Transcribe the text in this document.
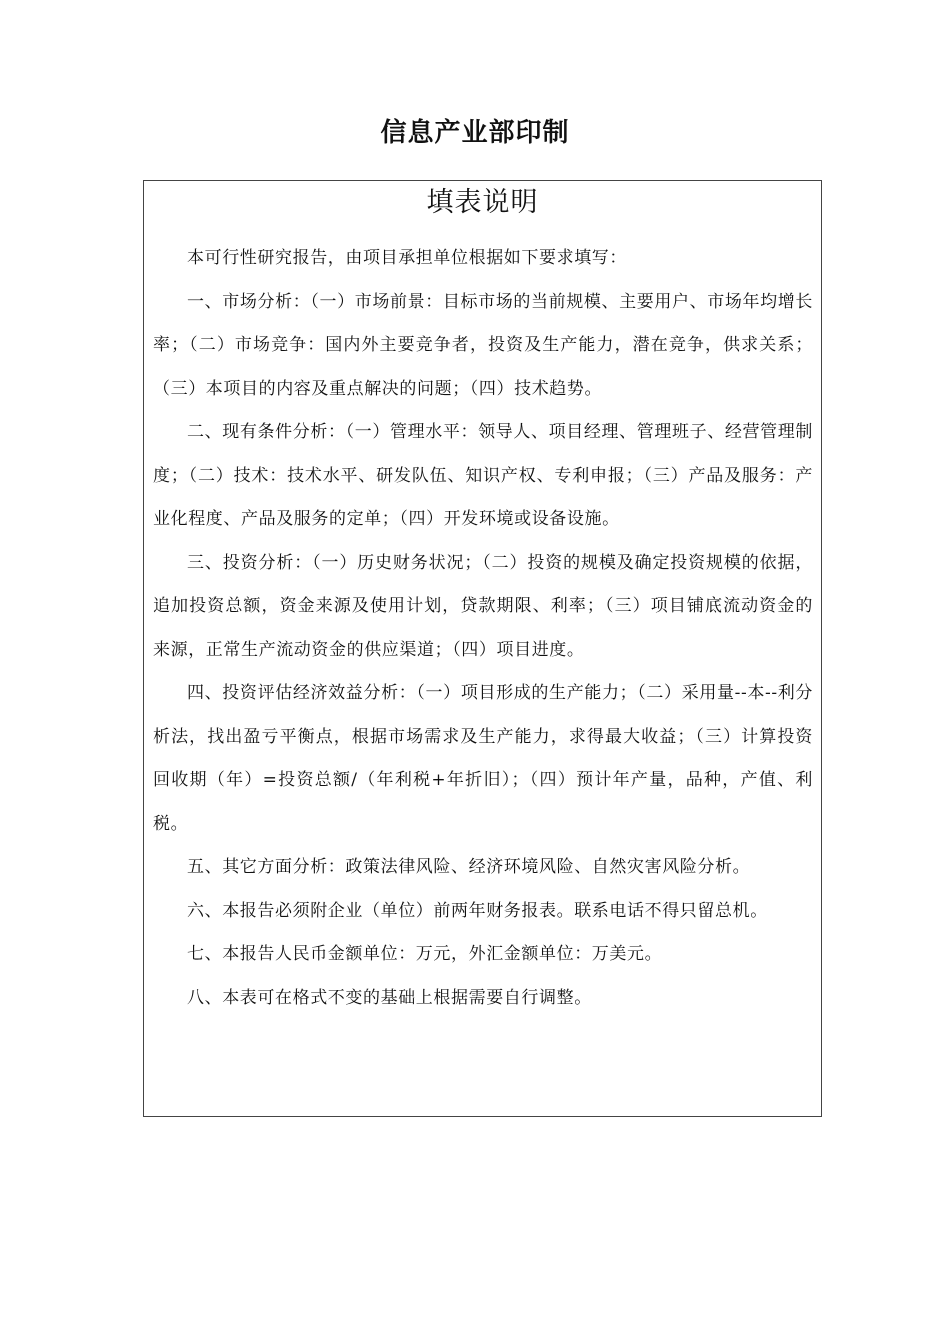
信息产业部印制
填表说明

本可行性研究报告，由项目承担单位根据如下要求填写：

一、市场分析：（一）市场前景：目标市场的当前规模、主要用户、市场年均增长率；（二）市场竞争：国内外主要竞争者，投资及生产能力，潜在竞争，供求关系；（三）本项目的内容及重点解决的问题；（四）技术趋势。

二、现有条件分析：（一）管理水平：领导人、项目经理、管理班子、经营管理制度；（二）技术：技术水平、研发队伍、知识产权、专利申报；（三）产品及服务：产业化程度、产品及服务的定单；（四）开发环境或设备设施。

三、投资分析：（一）历史财务状况；（二）投资的规模及确定投资规模的依据，追加投资总额，资金来源及使用计划，贷款期限、利率；（三）项目铺底流动资金的来源，正常生产流动资金的供应渠道；（四）项目进度。

四、投资评估经济效益分析：（一）项目形成的生产能力；（二）采用量--本--利分析法，找出盈亏平衡点，根据市场需求及生产能力，求得最大收益；（三）计算投资回收期（年）=投资总额/（年利税+年折旧）；（四）预计年产量，品种，产值、利税。

五、其它方面分析：政策法律风险、经济环境风险、自然灾害风险分析。

六、本报告必须附企业（单位）前两年财务报表。联系电话不得只留总机。

七、本报告人民币金额单位：万元，外汇金额单位：万美元。

八、本表可在格式不变的基础上根据需要自行调整。
